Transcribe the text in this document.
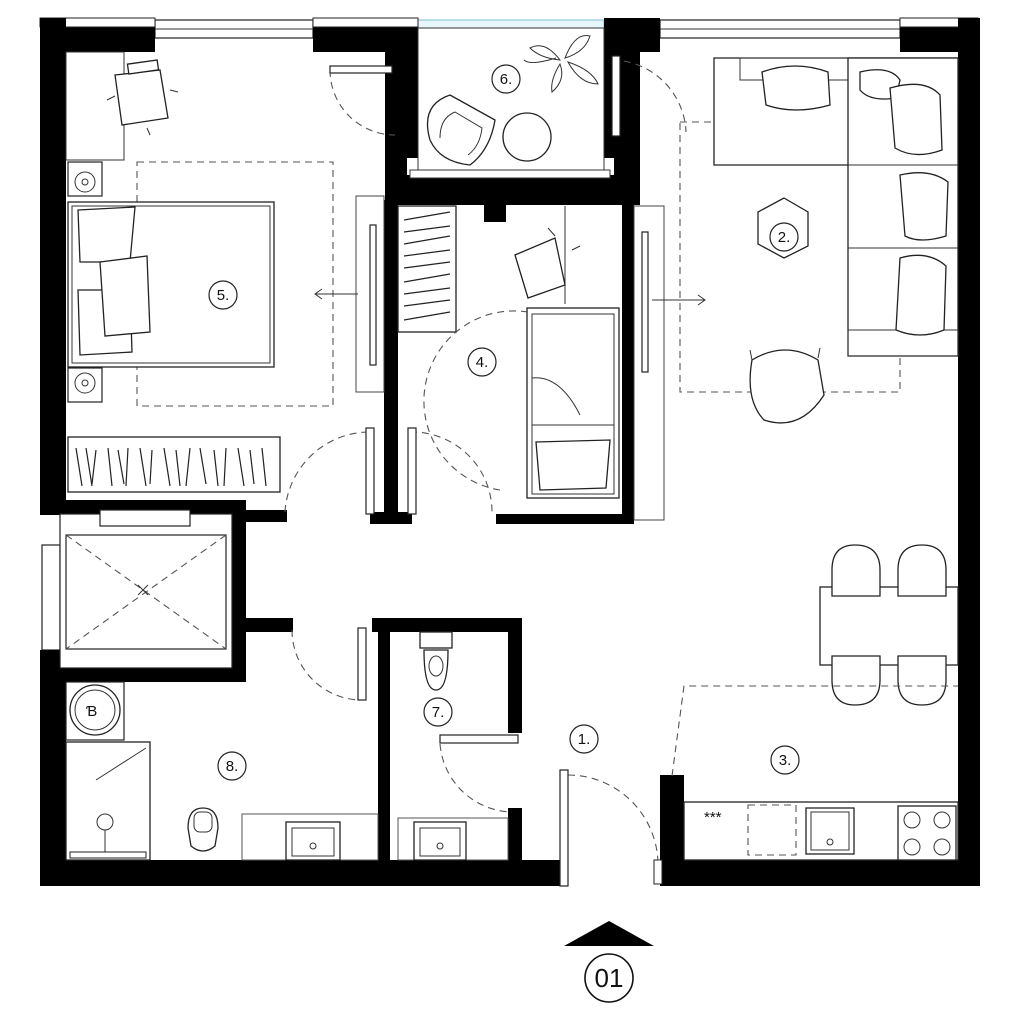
***
Ɓ
1.
2.
3.
4.
5.
6.
7.
8.
01
